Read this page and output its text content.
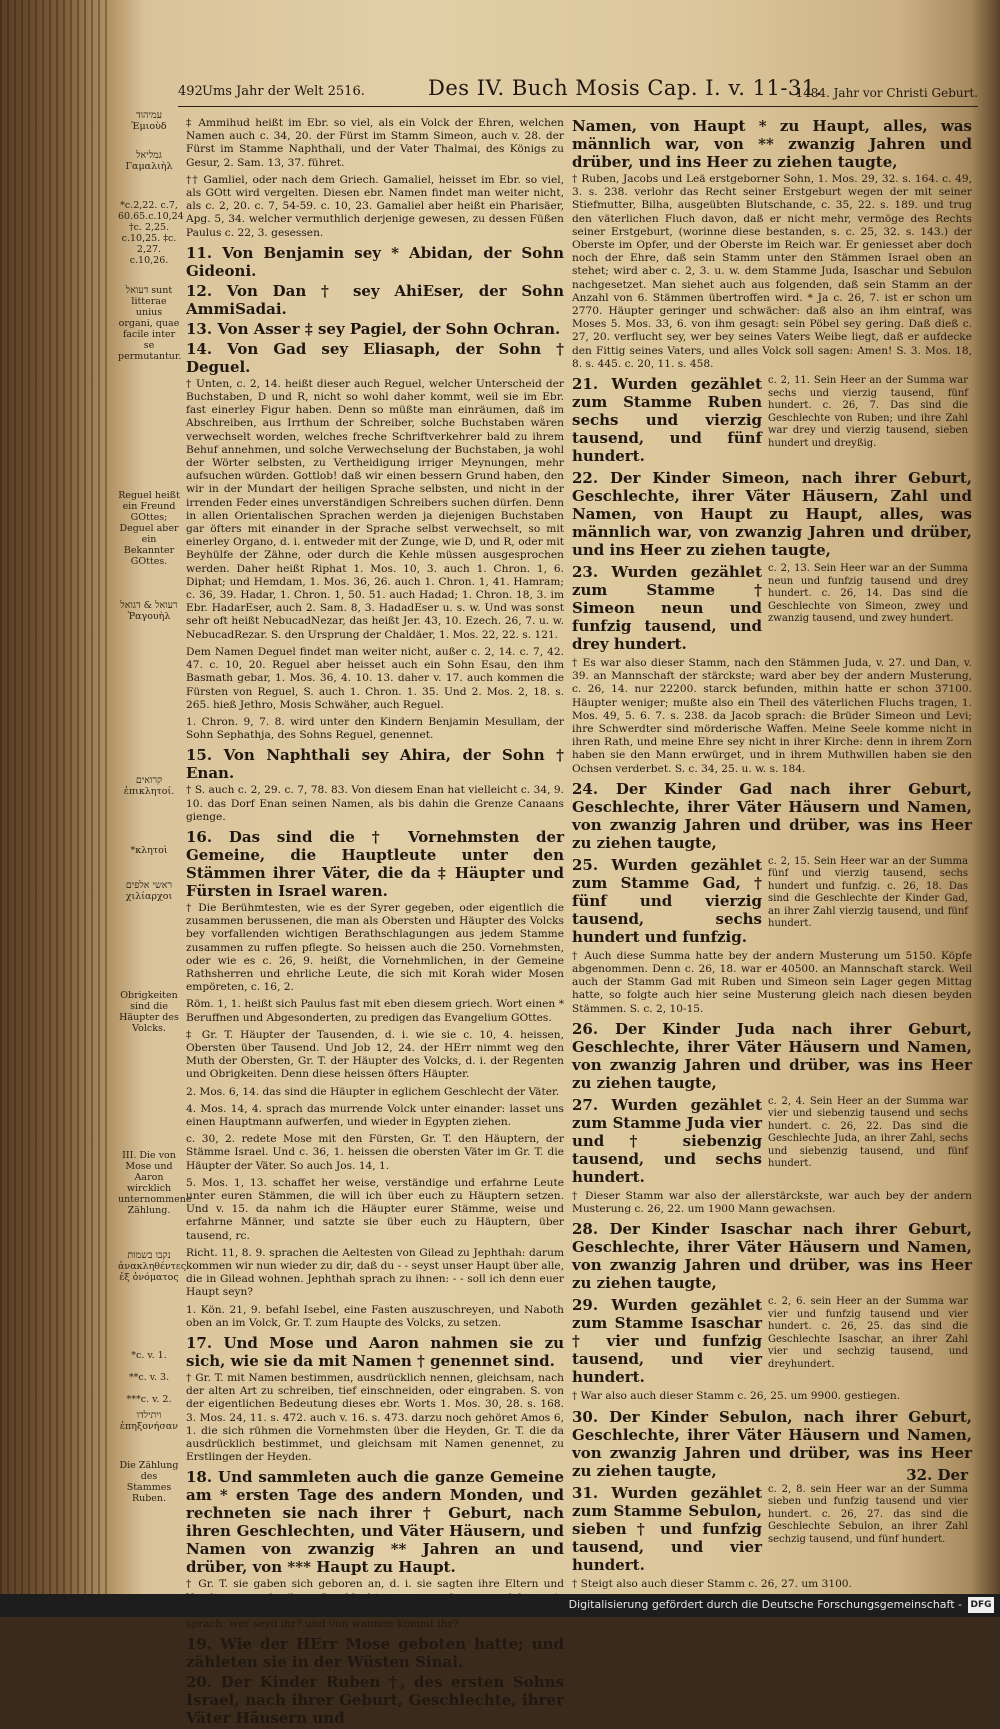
492 Ums Jahr der Welt 2516.	Des IV. Buch Mosis Cap. I. v. 11-31.
1484. Jahr vor Christi Geburt.
עמיהוד Ἐμιοὺδ
גמליאל Γαμαλιὴλ
*c.2,22. c.7, 60.65.c.10,24 †c. 2,25. c.10,25. ‡c. 2,27. c.10,26.
דעואל sunt litterae unius organi, quae facile inter se permutantur.
Reguel heißt ein Freund GOttes; Deguel aber ein Bekannter GOttes.
רעואל & דגואל Ῥαγουὴλ
קרואים ἐπικλητοί.
*κλητοὶ
ראשי אלפים χιλίαρχοι
Obrigkeiten sind die Häupter des Volcks.
III. Die von Mose und Aaron wircklich unternommene Zählung.
נקבו בשמות ἀνακληθέντες ἐξ ὀνόματος
*c. v. 1.
**c. v. 3.
***c. v. 2.
ויתילדו ἐπηξονήσαν
Die Zählung des Stammes Ruben.
‡ Ammihud heißt im Ebr. so viel, als ein Volck der Ehren, welchen Namen auch c. 34, 20. der Fürst im Stamm Simeon, auch v. 28. der Fürst im Stamme Naphthali, und der Vater Thalmai, des Königs zu Gesur, 2. Sam. 13, 37. führet.
†† Gamliel, oder nach dem Griech. Gamaliel, heisset im Ebr. so viel, als GOtt wird vergelten. Diesen ebr. Namen findet man weiter nicht, als c. 2, 20. c. 7, 54-59. c. 10, 23. Gamaliel aber heißt ein Pharisäer, Apg. 5, 34. welcher vermuthlich derjenige gewesen, zu dessen Füßen Paulus c. 22, 3. gesessen.
11. Von Benjamin sey * Abidan, der Sohn Gideoni.
12. Von Dan † sey AhiEser, der Sohn AmmiSadai.
13. Von Asser ‡ sey Pagiel, der Sohn Ochran.
14. Von Gad sey Eliasaph, der Sohn † Deguel.
† Unten, c. 2, 14. heißt dieser auch Reguel, welcher Unterscheid der Buchstaben, D und R, nicht so wohl daher kommt, weil sie im Ebr. fast einerley Figur haben. Denn so müßte man einräumen, daß im Abschreiben, aus Irrthum der Schreiber, solche Buchstaben wären verwechselt worden, welches freche Schriftverkehrer bald zu ihrem Behuf annehmen, und solche Verwechselung der Buchstaben, ja wohl der Wörter selbsten, zu Vertheidigung irriger Meynungen, mehr aufsuchen würden. Gottlob! daß wir einen bessern Grund haben, den wir in der Mundart der heiligen Sprache selbsten, und nicht in der irrenden Feder eines unverständigen Schreibers suchen dürfen. Denn in allen Orientalischen Sprachen werden ja diejenigen Buchstaben gar öfters mit einander in der Sprache selbst verwechselt, so mit einerley Organo, d. i. entweder mit der Zunge, wie D, und R, oder mit Beyhülfe der Zähne, oder durch die Kehle müssen ausgesprochen werden. Daher heißt Riphat 1. Mos. 10, 3. auch 1. Chron. 1, 6. Diphat; und Hemdam, 1. Mos. 36, 26. auch 1. Chron. 1, 41. Hamram; c. 36, 39. Hadar, 1. Chron. 1, 50. 51. auch Hadad; 1. Chron. 18, 3. im Ebr. HadarEser, auch 2. Sam. 8, 3. HadadEser u. s. w. Und was sonst sehr oft heißt NebucadNezar, das heißt Jer. 43, 10. Ezech. 26, 7. u. w. NebucadRezar. S. den Ursprung der Chaldäer, 1. Mos. 22, 22. s. 121.
Dem Namen Deguel findet man weiter nicht, außer c. 2, 14. c. 7, 42. 47. c. 10, 20. Reguel aber heisset auch ein Sohn Esau, den ihm Basmath gebar, 1. Mos. 36, 4. 10. 13. daher v. 17. auch kommen die Fürsten von Reguel, S. auch 1. Chron. 1. 35. Und 2. Mos. 2, 18. s. 265. hieß Jethro, Mosis Schwäher, auch Reguel.
1. Chron. 9, 7. 8. wird unter den Kindern Benjamin Mesullam, der Sohn Sephathja, des Sohns Reguel, genennet.
15. Von Naphthali sey Ahira, der Sohn † Enan.
† S. auch c. 2, 29. c. 7, 78. 83. Von diesem Enan hat vielleicht c. 34, 9. 10. das Dorf Enan seinen Namen, als bis dahin die Grenze Canaans gienge.
16. Das sind die † Vornehmsten der Gemeine, die Hauptleute unter den Stämmen ihrer Väter, die da ‡ Häupter und Fürsten in Israel waren.
† Die Berühmtesten, wie es der Syrer gegeben, oder eigentlich die zusammen berussenen, die man als Obersten und Häupter des Volcks bey vorfallenden wichtigen Berathschlagungen aus jedem Stamme zusammen zu ruffen pflegte. So heissen auch die 250. Vornehmsten, oder wie es c. 26, 9. heißt, die Vornehmlichen, in der Gemeine Rathsherren und ehrliche Leute, die sich mit Korah wider Mosen empöreten, c. 16, 2.
Röm. 1, 1. heißt sich Paulus fast mit eben diesem griech. Wort einen * Beruffnen und Abgesonderten, zu predigen das Evangelium GOttes.
‡ Gr. T. Häupter der Tausenden, d. i. wie sie c. 10, 4. heissen, Obersten über Tausend. Und Job 12, 24. der HErr nimmt weg den Muth der Obersten, Gr. T. der Häupter des Volcks, d. i. der Regenten und Obrigkeiten. Denn diese heissen öfters Häupter.
2. Mos. 6, 14. das sind die Häupter in eglichem Geschlecht der Väter.
4. Mos. 14, 4. sprach das murrende Volck unter einander: lasset uns einen Hauptmann aufwerfen, und wieder in Egypten ziehen.
c. 30, 2. redete Mose mit den Fürsten, Gr. T. den Häuptern, der Stämme Israel. Und c. 36, 1. heissen die obersten Väter im Gr. T. die Häupter der Väter. So auch Jos. 14, 1.
5. Mos. 1, 13. schaffet her weise, verständige und erfahrne Leute unter euren Stämmen, die will ich über euch zu Häuptern setzen. Und v. 15. da nahm ich die Häupter eurer Stämme, weise und erfahrne Männer, und satzte sie über euch zu Häuptern, über tausend, rc.
Richt. 11, 8. 9. sprachen die Aeltesten von Gilead zu Jephthah: darum kommen wir nun wieder zu dir, daß du - - seyst unser Haupt über alle, die in Gilead wohnen. Jephthah sprach zu ihnen: - - soll ich denn euer Haupt seyn?
1. Kön. 21, 9. befahl Isebel, eine Fasten auszuschreyen, und Naboth oben an im Volck, Gr. T. zum Haupte des Volcks, zu setzen.
17. Und Mose und Aaron nahmen sie zu sich, wie sie da mit Namen † genennet sind.
† Gr. T. mit Namen bestimmen, ausdrücklich nennen, gleichsam, nach der alten Art zu schreiben, tief einschneiden, oder eingraben. S. von der eigentlichen Bedeutung dieses ebr. Worts 1. Mos. 30, 28. s. 168. 3. Mos. 24, 11. s. 472. auch v. 16. s. 473. darzu noch gehöret Amos 6, 1. die sich rühmen die Vornehmsten über die Heyden, Gr. T. die da ausdrücklich bestimmet, und gleichsam mit Namen genennet, zu Erstlingen der Heyden.
18. Und sammleten auch die ganze Gemeine am * ersten Tage des andern Monden, und rechneten sie nach ihrer † Geburt, nach ihren Geschlechten, und Väter Häusern, und Namen von zwanzig ** Jahren an und drüber, von *** Haupt zu Haupt.
† Gr. T. sie gaben sich geboren an, d. i. sie sagten ihre Eltern und sprach: wer seyd ihr? und von wannen kommt ihr?
19. Wie der HErr Mose geboten hatte; und zähleten sie in der Wüsten Sinai.
20. Der Kinder Ruben †, des ersten Sohns Israel, nach ihrer Geburt, Geschlechte, ihrer Väter Häusern und
Namen, von Haupt * zu Haupt, alles, was männlich war, von ** zwanzig Jahren und drüber, und ins Heer zu ziehen taugte,
† Ruben, Jacobs und Leä erstgeborner Sohn, 1. Mos. 29, 32. s. 164. c. 49, 3. s. 238. verlohr das Recht seiner Erstgeburt wegen der mit seiner Stiefmutter, Bilha, ausgeübten Blutschande, c. 35, 22. s. 189. und trug den väterlichen Fluch davon, daß er nicht mehr, vermöge des Rechts seiner Erstgeburt, (worinne diese bestanden, s. c. 25, 32. s. 143.) der Oberste im Opfer, und der Oberste im Reich war. Er geniesset aber doch noch der Ehre, daß sein Stamm unter den Stämmen Israel oben an stehet; wird aber c. 2, 3. u. w. dem Stamme Juda, Isaschar und Sebulon nachgesetzet. Man siehet auch aus folgenden, daß sein Stamm an der Anzahl von 6. Stämmen übertroffen wird. * Ja c. 26, 7. ist er schon um 2770. Häupter geringer und schwächer: daß also an ihm eintraf, was Moses 5. Mos. 33, 6. von ihm gesagt: sein Pöbel sey gering. Daß dieß c. 27, 20. verflucht sey, wer bey seines Vaters Weibe liegt, daß er aufdecke den Fittig seines Vaters, und alles Volck soll sagen: Amen! S. 3. Mos. 18, 8. s. 445. c. 20, 11. s. 458.
21. Wurden gezählet zum Stamme Ruben sechs und vierzig tausend, und fünf hundert.
c. 2, 11. Sein Heer an der Summa war sechs und vierzig tausend, fünf hundert. c. 26, 7. Das sind die Geschlechte von Ruben; und ihre Zahl war drey und vierzig tausend, sieben hundert und dreyßig.
22. Der Kinder Simeon, nach ihrer Geburt, Geschlechte, ihrer Väter Häusern, Zahl und Namen, von Haupt zu Haupt, alles, was männlich war, von zwanzig Jahren und drüber, und ins Heer zu ziehen taugte,
23. Wurden gezählet zum Stamme † Simeon neun und funfzig tausend, und drey hundert.
c. 2, 13. Sein Heer war an der Summa neun und funfzig tausend und drey hundert. c. 26, 14. Das sind die Geschlechte von Simeon, zwey und zwanzig tausend, und zwey hundert.
† Es war also dieser Stamm, nach den Stämmen Juda, v. 27. und Dan, v. 39. an Mannschaft der stärckste; ward aber bey der andern Musterung, c. 26, 14. nur 22200. starck befunden, mithin hatte er schon 37100. Häupter weniger; mußte also ein Theil des väterlichen Fluchs tragen, 1. Mos. 49, 5. 6. 7. s. 238. da Jacob sprach: die Brüder Simeon und Levi; ihre Schwerdter sind mörderische Waffen. Meine Seele komme nicht in ihren Rath, und meine Ehre sey nicht in ihrer Kirche: denn in ihrem Zorn haben sie den Mann erwürget, und in ihrem Muthwillen haben sie den Ochsen verderbet. S. c. 34, 25. u. w. s. 184.
24. Der Kinder Gad nach ihrer Geburt, Geschlechte, ihrer Väter Häusern und Namen, von zwanzig Jahren und drüber, was ins Heer zu ziehen taugte,
25. Wurden gezählet zum Stamme Gad, † fünf und vierzig tausend, sechs hundert und funfzig.
c. 2, 15. Sein Heer war an der Summa fünf und vierzig tausend, sechs hundert und funfzig. c. 26, 18. Das sind die Geschlechte der Kinder Gad, an ihrer Zahl vierzig tausend, und fünf hundert.
† Auch diese Summa hatte bey der andern Musterung um 5150. Köpfe abgenommen. Denn c. 26, 18. war er 40500. an Mannschaft starck. Weil auch der Stamm Gad mit Ruben und Simeon sein Lager gegen Mittag hatte, so folgte auch hier seine Musterung gleich nach diesen beyden Stämmen. S. c. 2, 10-15.
26. Der Kinder Juda nach ihrer Geburt, Geschlechte, ihrer Väter Häusern und Namen, von zwanzig Jahren und drüber, was ins Heer zu ziehen taugte,
27. Wurden gezählet zum Stamme Juda vier und † siebenzig tausend, und sechs hundert.
c. 2, 4. Sein Heer an der Summa war vier und siebenzig tausend und sechs hundert. c. 26, 22. Das sind die Geschlechte Juda, an ihrer Zahl, sechs und siebenzig tausend, und fünf hundert.
† Dieser Stamm war also der allerstärckste, war auch bey der andern Musterung c. 26, 22. um 1900 Mann gewachsen.
28. Der Kinder Isaschar nach ihrer Geburt, Geschlechte, ihrer Väter Häusern und Namen, von zwanzig Jahren und drüber, was ins Heer zu ziehen taugte,
29. Wurden gezählet zum Stamme Isaschar † vier und funfzig tausend, und vier hundert.
c. 2, 6. sein Heer an der Summa war vier und funfzig tausend und vier hundert. c. 26, 25. das sind die Geschlechte Isaschar, an ihrer Zahl vier und sechzig tausend, und dreyhundert.
† War also auch dieser Stamm c. 26, 25. um 9900. gestiegen.
30. Der Kinder Sebulon, nach ihrer Geburt, Geschlechte, ihrer Väter Häusern und Namen, von zwanzig Jahren und drüber, was ins Heer zu ziehen taugte,
31. Wurden gezählet zum Stamme Sebulon, sieben † und funfzig tausend, und vier hundert.
c. 2, 8. sein Heer war an der Summa sieben und funfzig tausend und vier hundert. c. 26, 27. das sind die Geschlechte Sebulon, an ihrer Zahl sechzig tausend, und fünf hundert.
† Steigt also auch dieser Stamm c. 26, 27. um 3100.
32. Der
Digitalisierung gefördert durch die Deutsche Forschungsgemeinschaft - DFG
